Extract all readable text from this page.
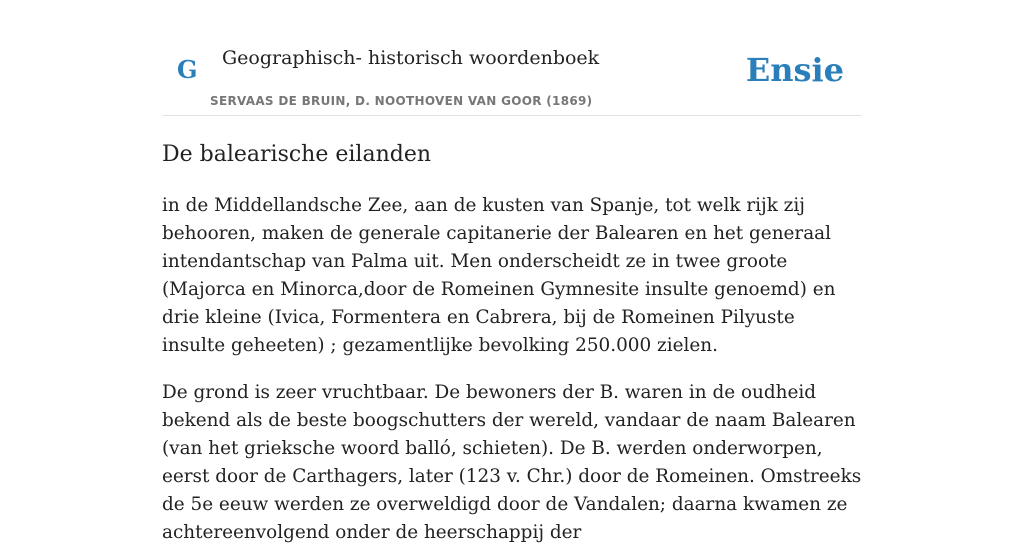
G Geographisch- historisch woordenboek
SERVAAS DE BRUIN, D. NOOTHOVEN VAN GOOR (1869)
Ensie
De balearische eilanden

in de Middellandsche Zee, aan de kusten van Spanje, tot welk rijk zij behooren, maken de generale capitanerie der Balearen en het generaal intendantschap van Palma uit. Men onderscheidt ze in twee groote (Majorca en Minorca,door de Romeinen Gymnesite insulte genoemd) en drie kleine (Ivica, Formentera en Cabrera, bij de Romeinen Pilyuste insulte geheeten) ; gezamentlijke bevolking 250.000 zielen.

De grond is zeer vruchtbaar. De bewoners der B. waren in de oudheid bekend als de beste boogschutters der wereld, vandaar de naam Balearen (van het grieksche woord balló, schieten). De B. werden onderworpen, eerst door de Carthagers, later (123 v. Chr.) door de Romeinen. Omstreeks de 5e eeuw werden ze overweldigd door de Vandalen; daarna kwamen ze achtereenvolgend onder de heerschappij der
